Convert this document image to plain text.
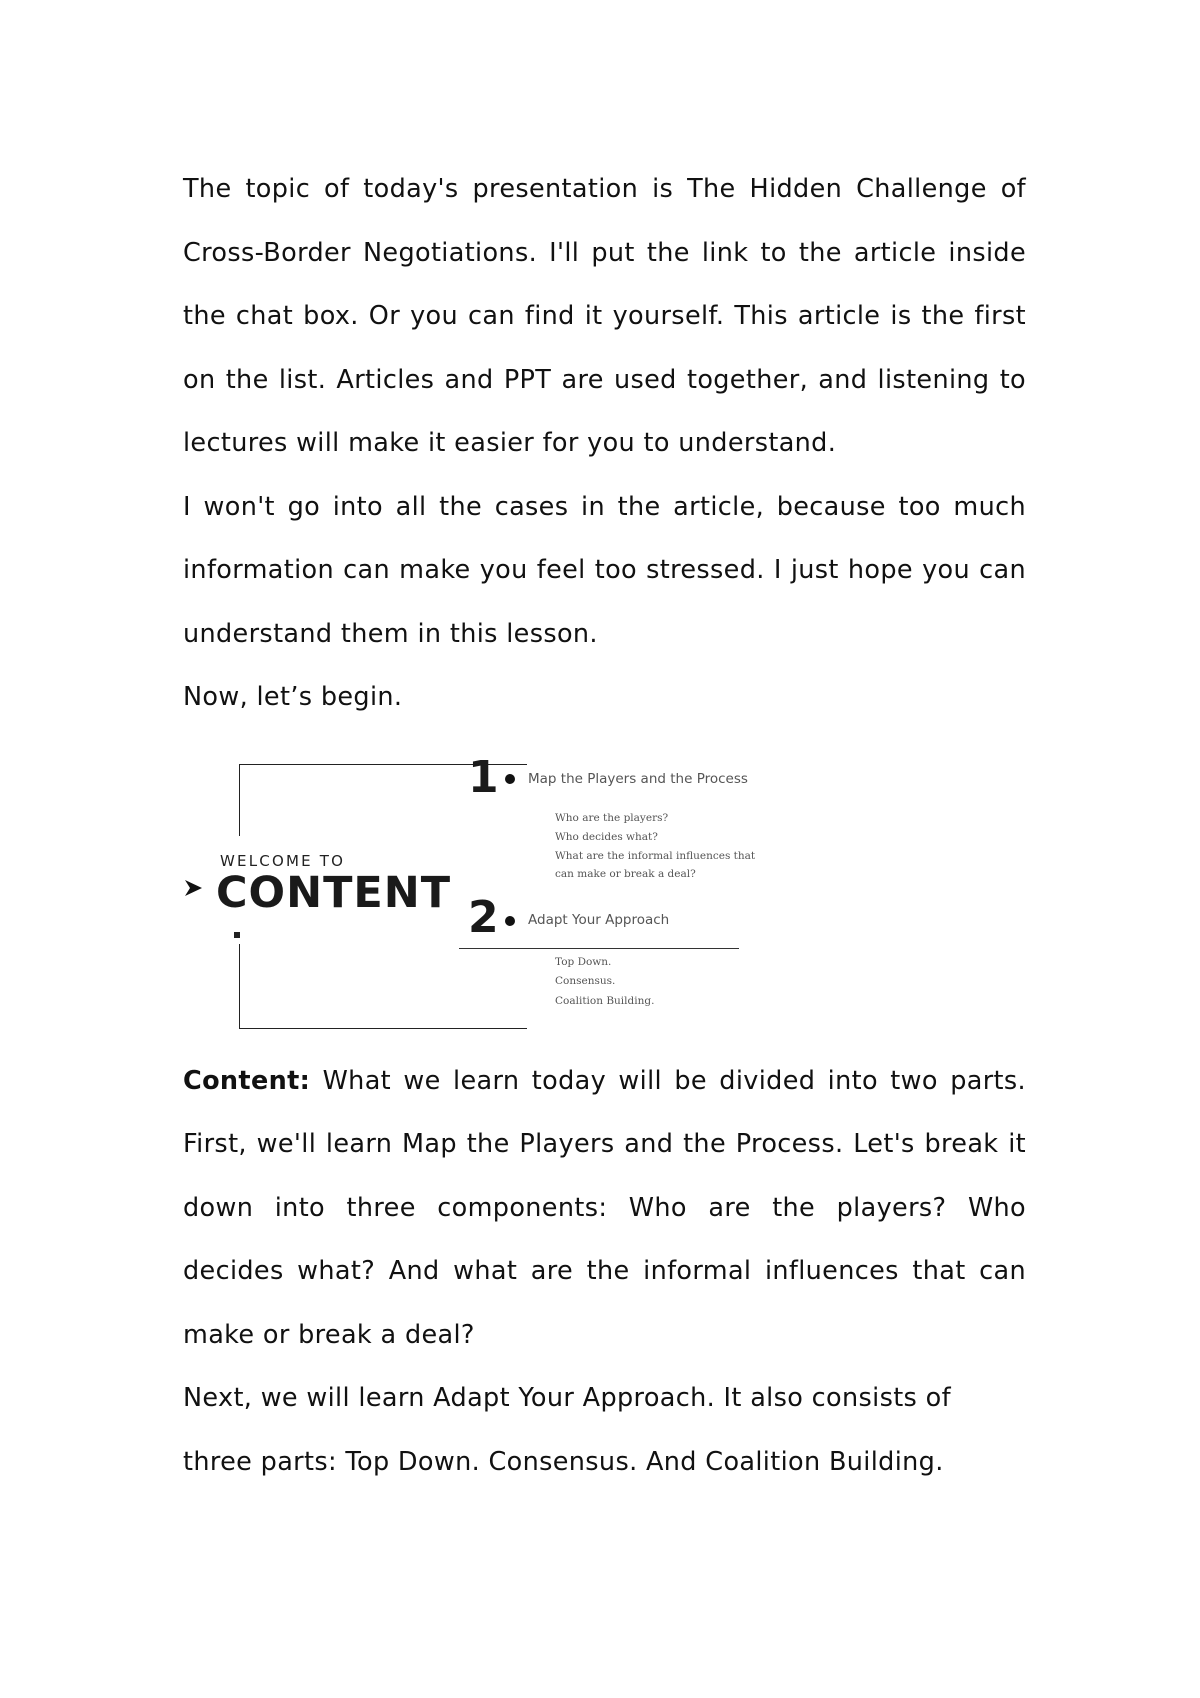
The topic of today's presentation is The Hidden Challenge of Cross-Border Negotiations. I'll put the link to the article inside the chat box. Or you can find it yourself. This article is the first on the list. Articles and PPT are used together, and listening to lectures will make it easier for you to understand.

I won't go into all the cases in the article, because too much information can make you feel too stressed. I just hope you can understand them in this lesson.

Now, let’s begin.

WELCOME TO
CONTENT
1 Map the Players and the Process
Who are the players?
Who decides what?
What are the informal influences that
can make or break a deal?
2 Adapt Your Approach
Top Down.
Consensus.
Coalition Building.

Content: What we learn today will be divided into two parts. First, we'll learn Map the Players and the Process. Let's break it down into three components: Who are the players? Who decides what? And what are the informal influences that can make or break a deal?

Next, we will learn Adapt Your Approach. It also consists of three parts: Top Down. Consensus. And Coalition Building.
